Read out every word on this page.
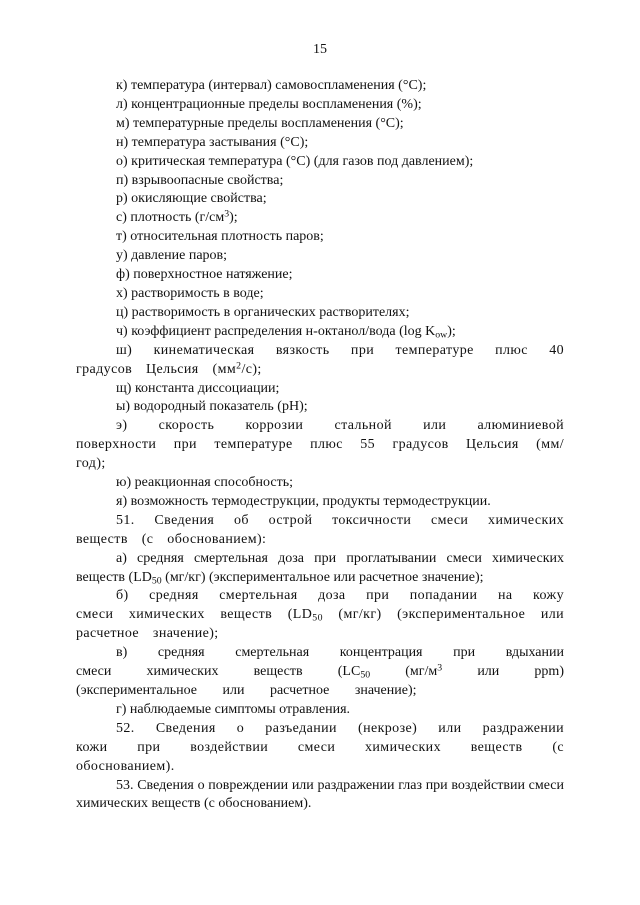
15

к) температура (интервал) самовоспламенения (°С);

л) концентрационные пределы воспламенения (%);

м) температурные пределы воспламенения (°С);

н) температура застывания (°С);

о) критическая температура (°С) (для газов под давлением);

п) взрывоопасные свойства;

р) окисляющие свойства;

с) плотность $(г/см^3)$;

т) относительная плотность паров;

у) давление паров;

ф) поверхностное натяжение;

х) растворимость в воде;

ц) растворимость в органических растворителях;

ч) коэффициент распределения н-октанол/вода (log $K_{ow}$);

ш) кинематическая вязкость при температуре плюс 40 градусов Цельсия $(мм^2/с)$;

щ) константа диссоциации;

ы) водородный показатель (pH);

э) скорость коррозии стальной или алюминиевой поверхности при температуре плюс 55 градусов Цельсия (мм/год);

ю) реакционная способность;

я) возможность термодеструкции, продукты термодеструкции.

51. Сведения об острой токсичности смеси химических веществ (с обоснованием):

а) средняя смертельная доза при проглатывании смеси химических веществ ($LD_{50}$ (мг/кг) (экспериментальное или расчетное значение);

б) средняя смертельная доза при попадании на кожу смеси химических веществ ($LD_{50}$ (мг/кг) (экспериментальное или расчетное значение);

в) средняя смертельная концентрация при вдыхании смеси химических веществ ($LC_{50}$ ($мг/м^3$ или ppm) (экспериментальное или расчетное значение);

г) наблюдаемые симптомы отравления.

52. Сведения о разъедании (некрозе) или раздражении кожи при воздействии смеси химических веществ (с обоснованием).

53. Сведения о повреждении или раздражении глаз при воздействии смеси химических веществ (с обоснованием).
